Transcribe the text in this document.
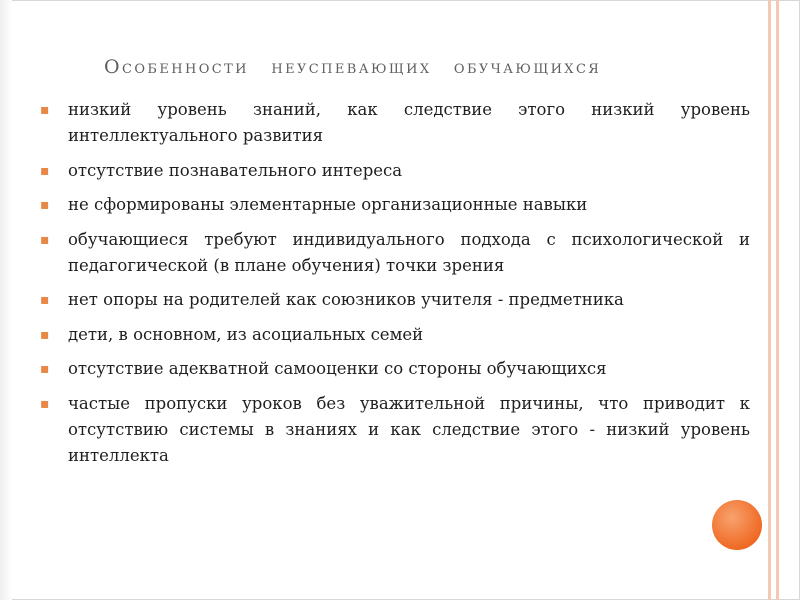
Особенности неуспевающих обучающихся
▪ низкий уровень знаний, как следствие этого низкий уровень интеллектуального развития
▪ отсутствие познавательного интереса
▪ не сформированы элементарные организационные навыки
▪ обучающиеся требуют индивидуального подхода с психологической и педагогической (в плане обучения) точки зрения
▪ нет опоры на родителей как союзников учителя - предметника
▪ дети, в основном, из асоциальных семей
▪ отсутствие адекватной самооценки со стороны обучающихся
▪ частые пропуски уроков без уважительной причины, что приводит к отсутствию системы в знаниях и как следствие этого - низкий уровень интеллекта
